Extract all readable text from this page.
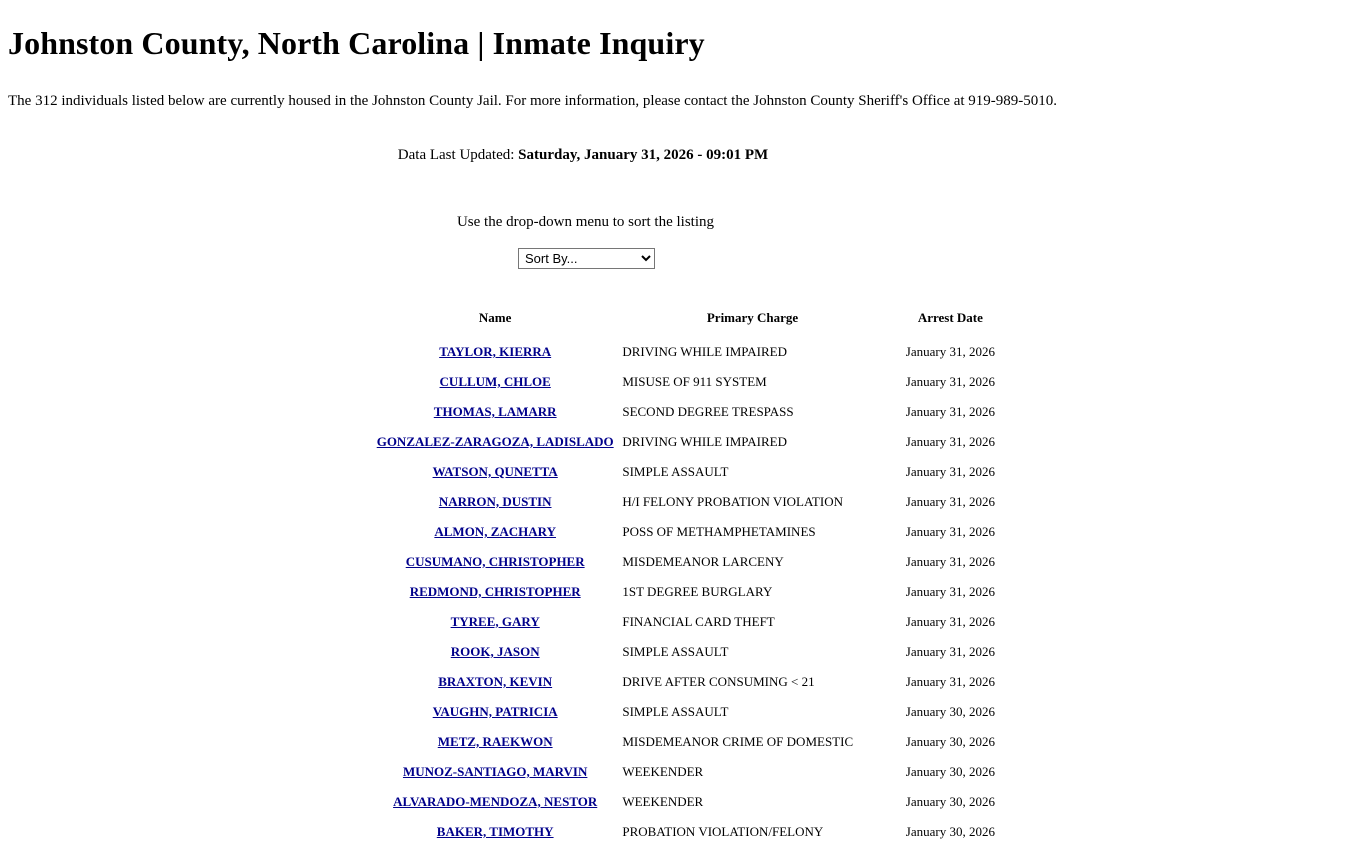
Johnston County, North Carolina | Inmate Inquiry

The 312 individuals listed below are currently housed in the Johnston County Jail. For more information, please contact the Johnston County Sheriff's Office at 919-989-5010.

Data Last Updated: Saturday, January 31, 2026 - 09:01 PM

Use the drop-down menu to sort the listing

Sort By...
Name	Primary Charge	Arrest Date
TAYLOR, KIERRA	DRIVING WHILE IMPAIRED	January 31, 2026
CULLUM, CHLOE	MISUSE OF 911 SYSTEM	January 31, 2026
THOMAS, LAMARR	SECOND DEGREE TRESPASS	January 31, 2026
GONZALEZ-ZARAGOZA, LADISLADO	DRIVING WHILE IMPAIRED	January 31, 2026
WATSON, QUNETTA	SIMPLE ASSAULT	January 31, 2026
NARRON, DUSTIN	H/I FELONY PROBATION VIOLATION	January 31, 2026
ALMON, ZACHARY	POSS OF METHAMPHETAMINES	January 31, 2026
CUSUMANO, CHRISTOPHER	MISDEMEANOR LARCENY	January 31, 2026
REDMOND, CHRISTOPHER	1ST DEGREE BURGLARY	January 31, 2026
TYREE, GARY	FINANCIAL CARD THEFT	January 31, 2026
ROOK, JASON	SIMPLE ASSAULT	January 31, 2026
BRAXTON, KEVIN	DRIVE AFTER CONSUMING < 21	January 31, 2026
VAUGHN, PATRICIA	SIMPLE ASSAULT	January 30, 2026
METZ, RAEKWON	MISDEMEANOR CRIME OF DOMESTIC	January 30, 2026
MUNOZ-SANTIAGO, MARVIN	WEEKENDER	January 30, 2026
ALVARADO-MENDOZA, NESTOR	WEEKENDER	January 30, 2026
BAKER, TIMOTHY	PROBATION VIOLATION/FELONY	January 30, 2026
